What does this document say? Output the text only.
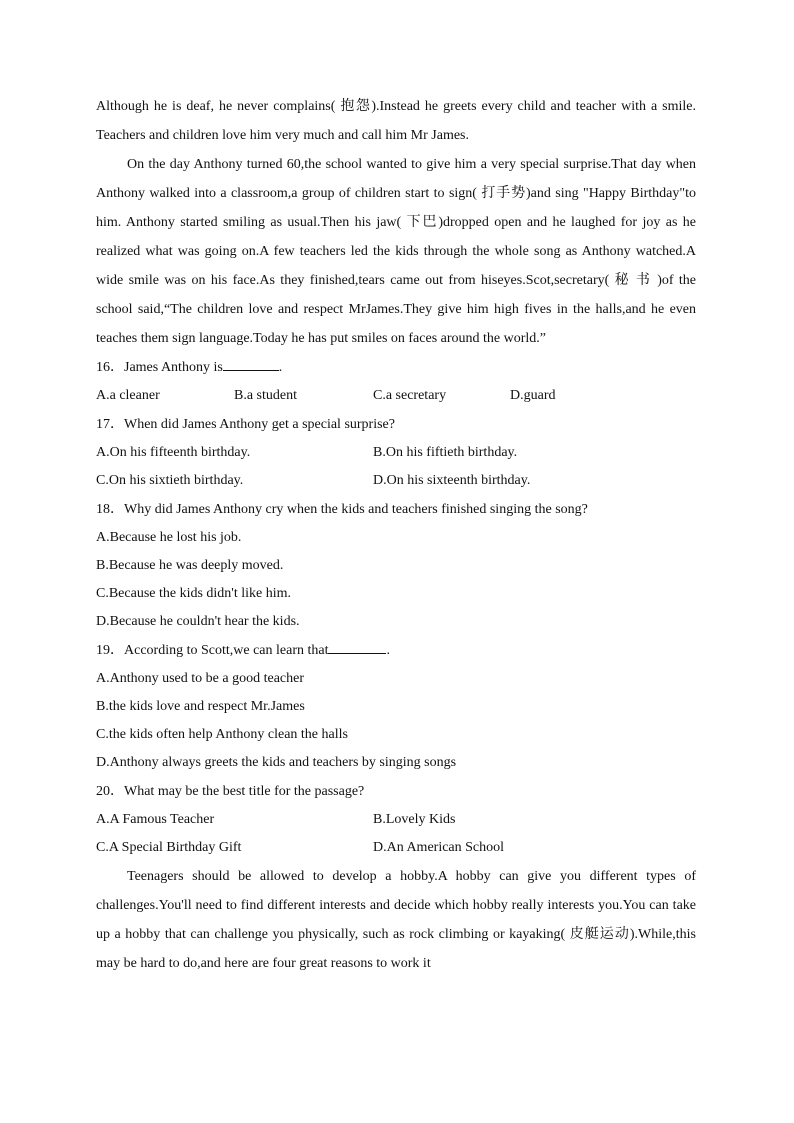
Although he is deaf, he never complains( 抱怨).Instead he greets every child and teacher with a smile. Teachers and children love him very much and call him Mr James.

On the day Anthony turned 60,the school wanted to give him a very special surprise.That day when Anthony walked into a classroom,a group of children start to sign( 打手势)and sing "Happy Birthday"to him. Anthony started smiling as usual.Then his jaw( 下巴)dropped open and he laughed for joy as he realized what was going on.A few teachers led the kids through the whole song as Anthony watched.A wide smile was on his face.As they finished,tears came out from hiseyes.Scot,secretary( 秘 书 )of the school said,“The children love and respect MrJames.They give him high fives in the halls,and he even teaches them sign language.Today he has put smiles on faces around the world.”

16．James Anthony is	.
A.a cleaner	B.a student	C.a secretary	D.guard
17．When did James Anthony get a special surprise?
A.On his fifteenth birthday.	B.On his fiftieth birthday.
C.On his sixtieth birthday.	D.On his sixteenth birthday.
18．Why did James Anthony cry when the kids and teachers finished singing the song?
A.Because he lost his job.
B.Because he was deeply moved.
C.Because the kids didn't like him.
D.Because he couldn't hear the kids.
19．According to Scott,we can learn that	.
A.Anthony used to be a good teacher
B.the kids love and respect Mr.James
C.the kids often help Anthony clean the halls
D.Anthony always greets the kids and teachers by singing songs
20．What may be the best title for the passage?
A.A Famous Teacher	B.Lovely Kids
C.A Special Birthday Gift	D.An American School

Teenagers should be allowed to develop a hobby.A hobby can give you different types of challenges.You'll need to find different interests and decide which hobby really interests you.You can take up a hobby that can challenge you physically, such as rock climbing or kayaking( 皮艇运动).While,this may be hard to do,and here are four great reasons to work it
